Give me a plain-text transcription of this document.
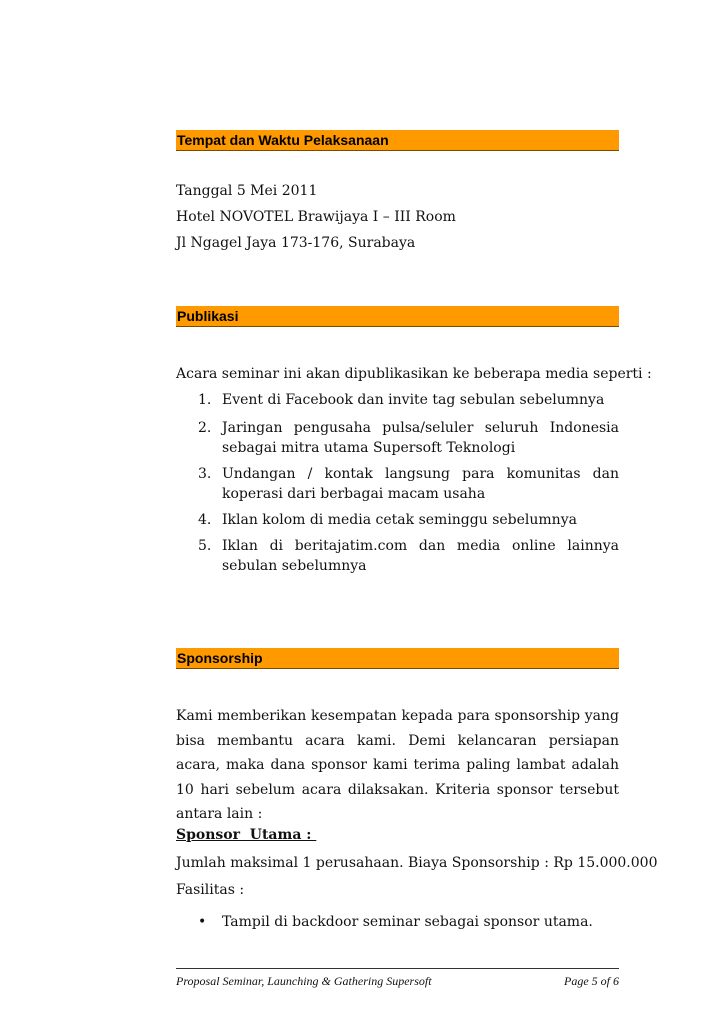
Tempat dan Waktu Pelaksanaan
Tanggal 5 Mei 2011
Hotel NOVOTEL Brawijaya I – III Room
Jl Ngagel Jaya 173-176, Surabaya
Publikasi
Acara seminar ini akan dipublikasikan ke beberapa media seperti :
1. Event di Facebook dan invite tag sebulan sebelumnya
2. Jaringan pengusaha pulsa/seluler seluruh Indonesia sebagai mitra utama Supersoft Teknologi
3. Undangan / kontak langsung para komunitas dan koperasi dari berbagai macam usaha
4. Iklan kolom di media cetak seminggu sebelumnya
5. Iklan di beritajatim.com dan media online lainnya sebulan sebelumnya
Sponsorship
Kami memberikan kesempatan kepada para sponsorship yang bisa membantu acara kami. Demi kelancaran persiapan acara, maka dana sponsor kami terima paling lambat adalah 10 hari sebelum acara dilaksakan. Kriteria sponsor tersebut antara lain :
Sponsor  Utama :
Jumlah maksimal 1 perusahaan. Biaya Sponsorship : Rp 15.000.000
Fasilitas :
• Tampil di backdoor seminar sebagai sponsor utama.
Proposal Seminar, Launching & Gathering Supersoft	Page 5 of 6
